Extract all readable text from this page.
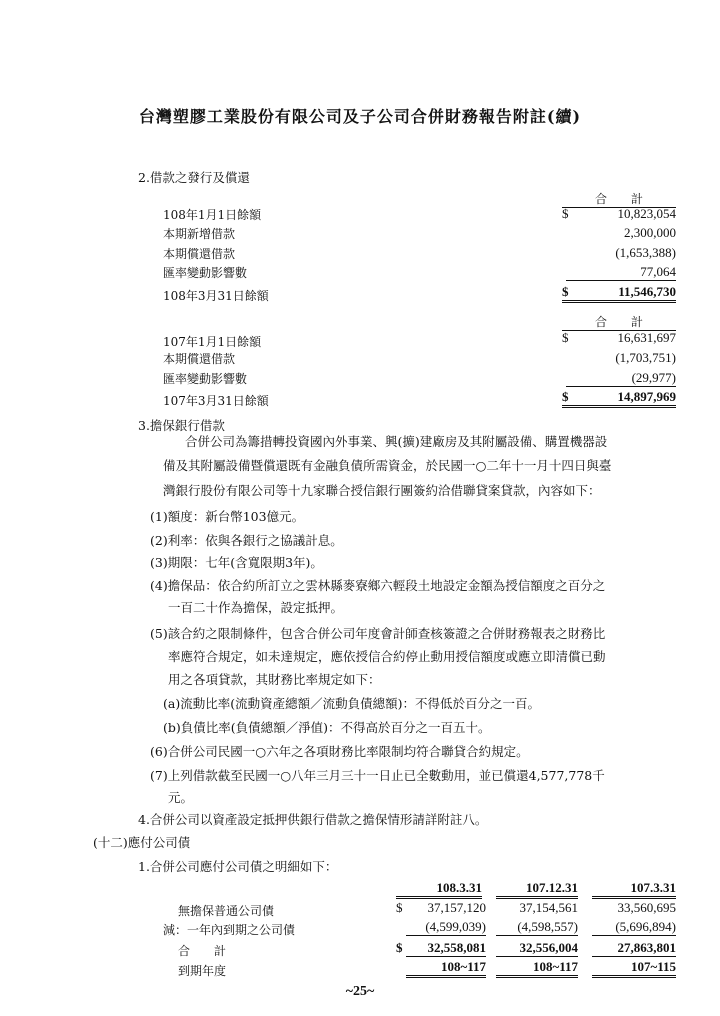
台灣塑膠工業股份有限公司及子公司合併財務報告附註(續)
2.借款之發行及償還
合　　計
108年1月1日餘額	$	10,823,054
本期新增借款	2,300,000
本期償還借款	(1,653,388)
匯率變動影響數	77,064
108年3月31日餘額	$	11,546,730
合　　計
107年1月1日餘額	$	16,631,697
本期償還借款	(1,703,751)
匯率變動影響數	(29,977)
107年3月31日餘額	$	14,897,969
3.擔保銀行借款
合併公司為籌措轉投資國內外事業、興(擴)建廠房及其附屬設備、購置機器設
備及其附屬設備暨償還既有金融負債所需資金，於民國一○二年十一月十四日與臺
灣銀行股份有限公司等十九家聯合授信銀行團簽約洽借聯貸案貸款，內容如下：
(1)額度：新台幣103億元。
(2)利率：依與各銀行之協議計息。
(3)期限：七年(含寬限期3年)。
(4)擔保品：依合約所訂立之雲林縣麥寮鄉六輕段土地設定金額為授信額度之百分之
一百二十作為擔保，設定抵押。
(5)該合約之限制條件，包含合併公司年度會計師查核簽證之合併財務報表之財務比
率應符合規定，如未達規定，應依授信合約停止動用授信額度或應立即清償已動
用之各項貸款，其財務比率規定如下：
(a)流動比率(流動資產總額／流動負債總額)：不得低於百分之一百。
(b)負債比率(負債總額／淨值)：不得高於百分之一百五十。
(6)合併公司民國一○六年之各項財務比率限制均符合聯貸合約規定。
(7)上列借款截至民國一○八年三月三十一日止已全數動用，並已償還4,577,778千
元。
4.合併公司以資產設定抵押供銀行借款之擔保情形請詳附註八。
(十二)應付公司債
1.合併公司應付公司債之明細如下：
108.3.31	107.12.31	107.3.31
無擔保普通公司債	$	37,157,120	37,154,561	33,560,695
減：一年內到期之公司債	(4,599,039)	(4,598,557)	(5,696,894)
合　　計	$	32,558,081	32,556,004	27,863,801
到期年度	108~117	108~117	107~115
~25~
